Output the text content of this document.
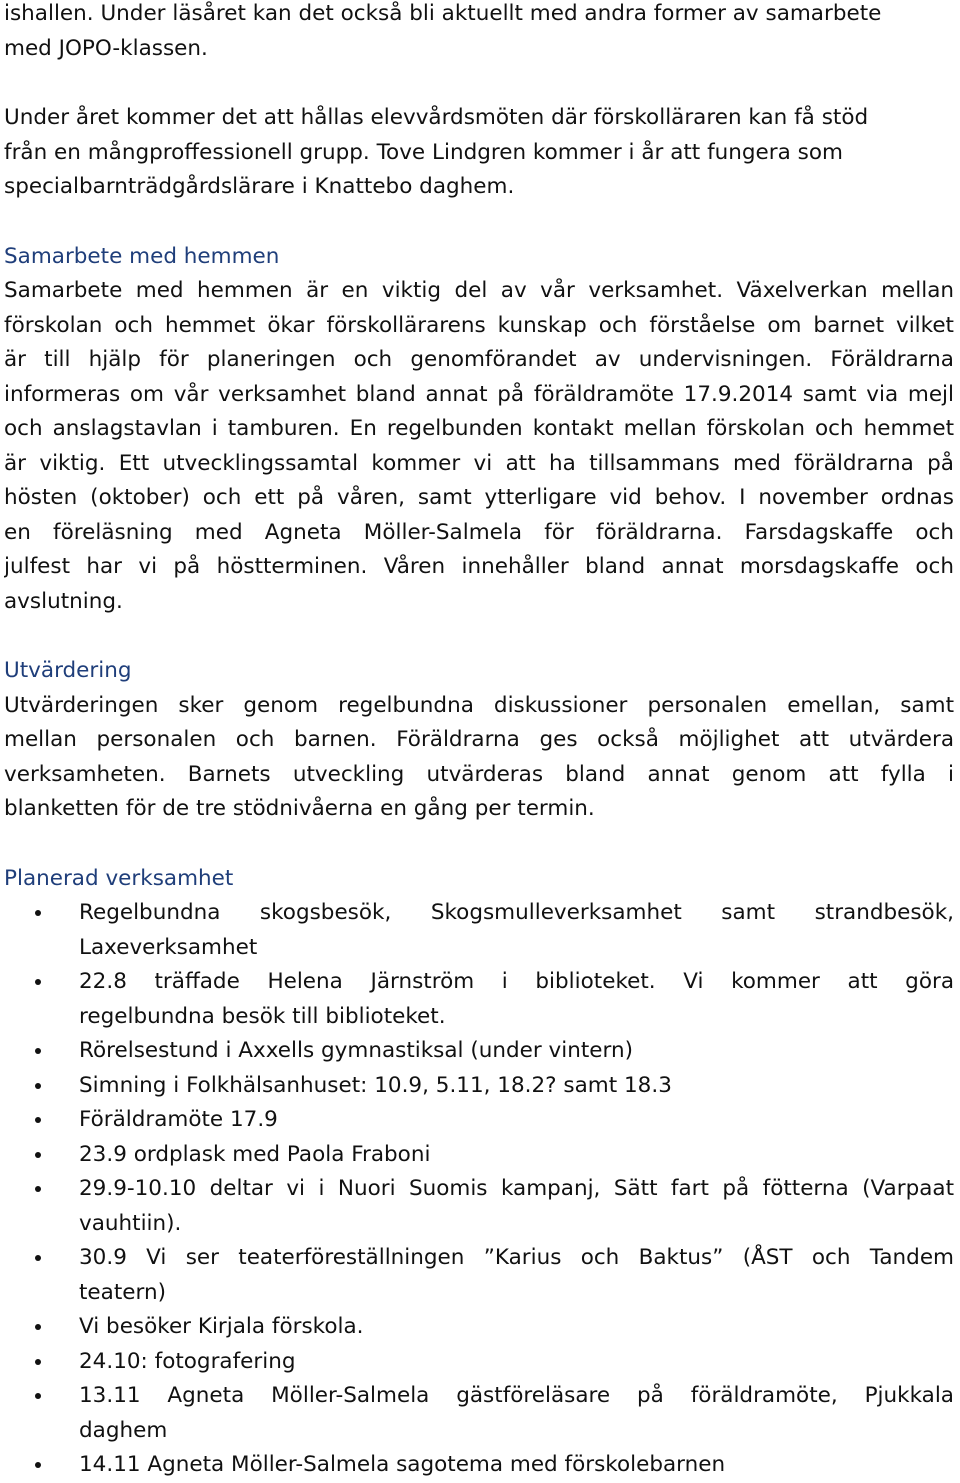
ishallen. Under läsåret kan det också bli aktuellt med andra former av samarbete
med JOPO-klassen.
Under året kommer det att hållas elevvårdsmöten där förskolläraren kan få stöd
från en mångproffessionell grupp. Tove Lindgren kommer i år att fungera som
specialbarnträdgårdslärare i Knattebo daghem.
Samarbete med hemmen
Samarbete med hemmen är en viktig del av vår verksamhet. Växelverkan mellan
förskolan och hemmet ökar förskollärarens kunskap och förståelse om barnet vilket
är till hjälp för planeringen och genomförandet av undervisningen. Föräldrarna
informeras om vår verksamhet bland annat på föräldramöte 17.9.2014 samt via mejl
och anslagstavlan i tamburen. En regelbunden kontakt mellan förskolan och hemmet
är viktig. Ett utvecklingssamtal kommer vi att ha tillsammans med föräldrarna på
hösten (oktober) och ett på våren, samt ytterligare vid behov. I november ordnas
en föreläsning med Agneta Möller-Salmela för föräldrarna. Farsdagskaffe och
julfest har vi på höstterminen. Våren innehåller bland annat morsdagskaffe och
avslutning.
Utvärdering
Utvärderingen sker genom regelbundna diskussioner personalen emellan, samt
mellan personalen och barnen. Föräldrarna ges också möjlighet att utvärdera
verksamheten. Barnets utveckling utvärderas bland annat genom att fylla i
blanketten för de tre stödnivåerna en gång per termin.
Planerad verksamhet
Regelbundna skogsbesök, Skogsmulleverksamhet samt strandbesök,
Laxeverksamhet
22.8 träffade Helena Järnström i biblioteket. Vi kommer att göra
regelbundna besök till biblioteket.
Rörelsestund i Axxells gymnastiksal (under vintern)
Simning i Folkhälsanhuset: 10.9, 5.11, 18.2? samt 18.3
Föräldramöte 17.9
23.9 ordplask med Paola Fraboni
29.9-10.10 deltar vi i Nuori Suomis kampanj, Sätt fart på fötterna (Varpaat
vauhtiin).
30.9 Vi ser teaterföreställningen ”Karius och Baktus” (ÅST och Tandem
teatern)
Vi besöker Kirjala förskola.
24.10: fotografering
13.11 Agneta Möller-Salmela gästföreläsare på föräldramöte, Pjukkala
daghem
14.11 Agneta Möller-Salmela sagotema med förskolebarnen
